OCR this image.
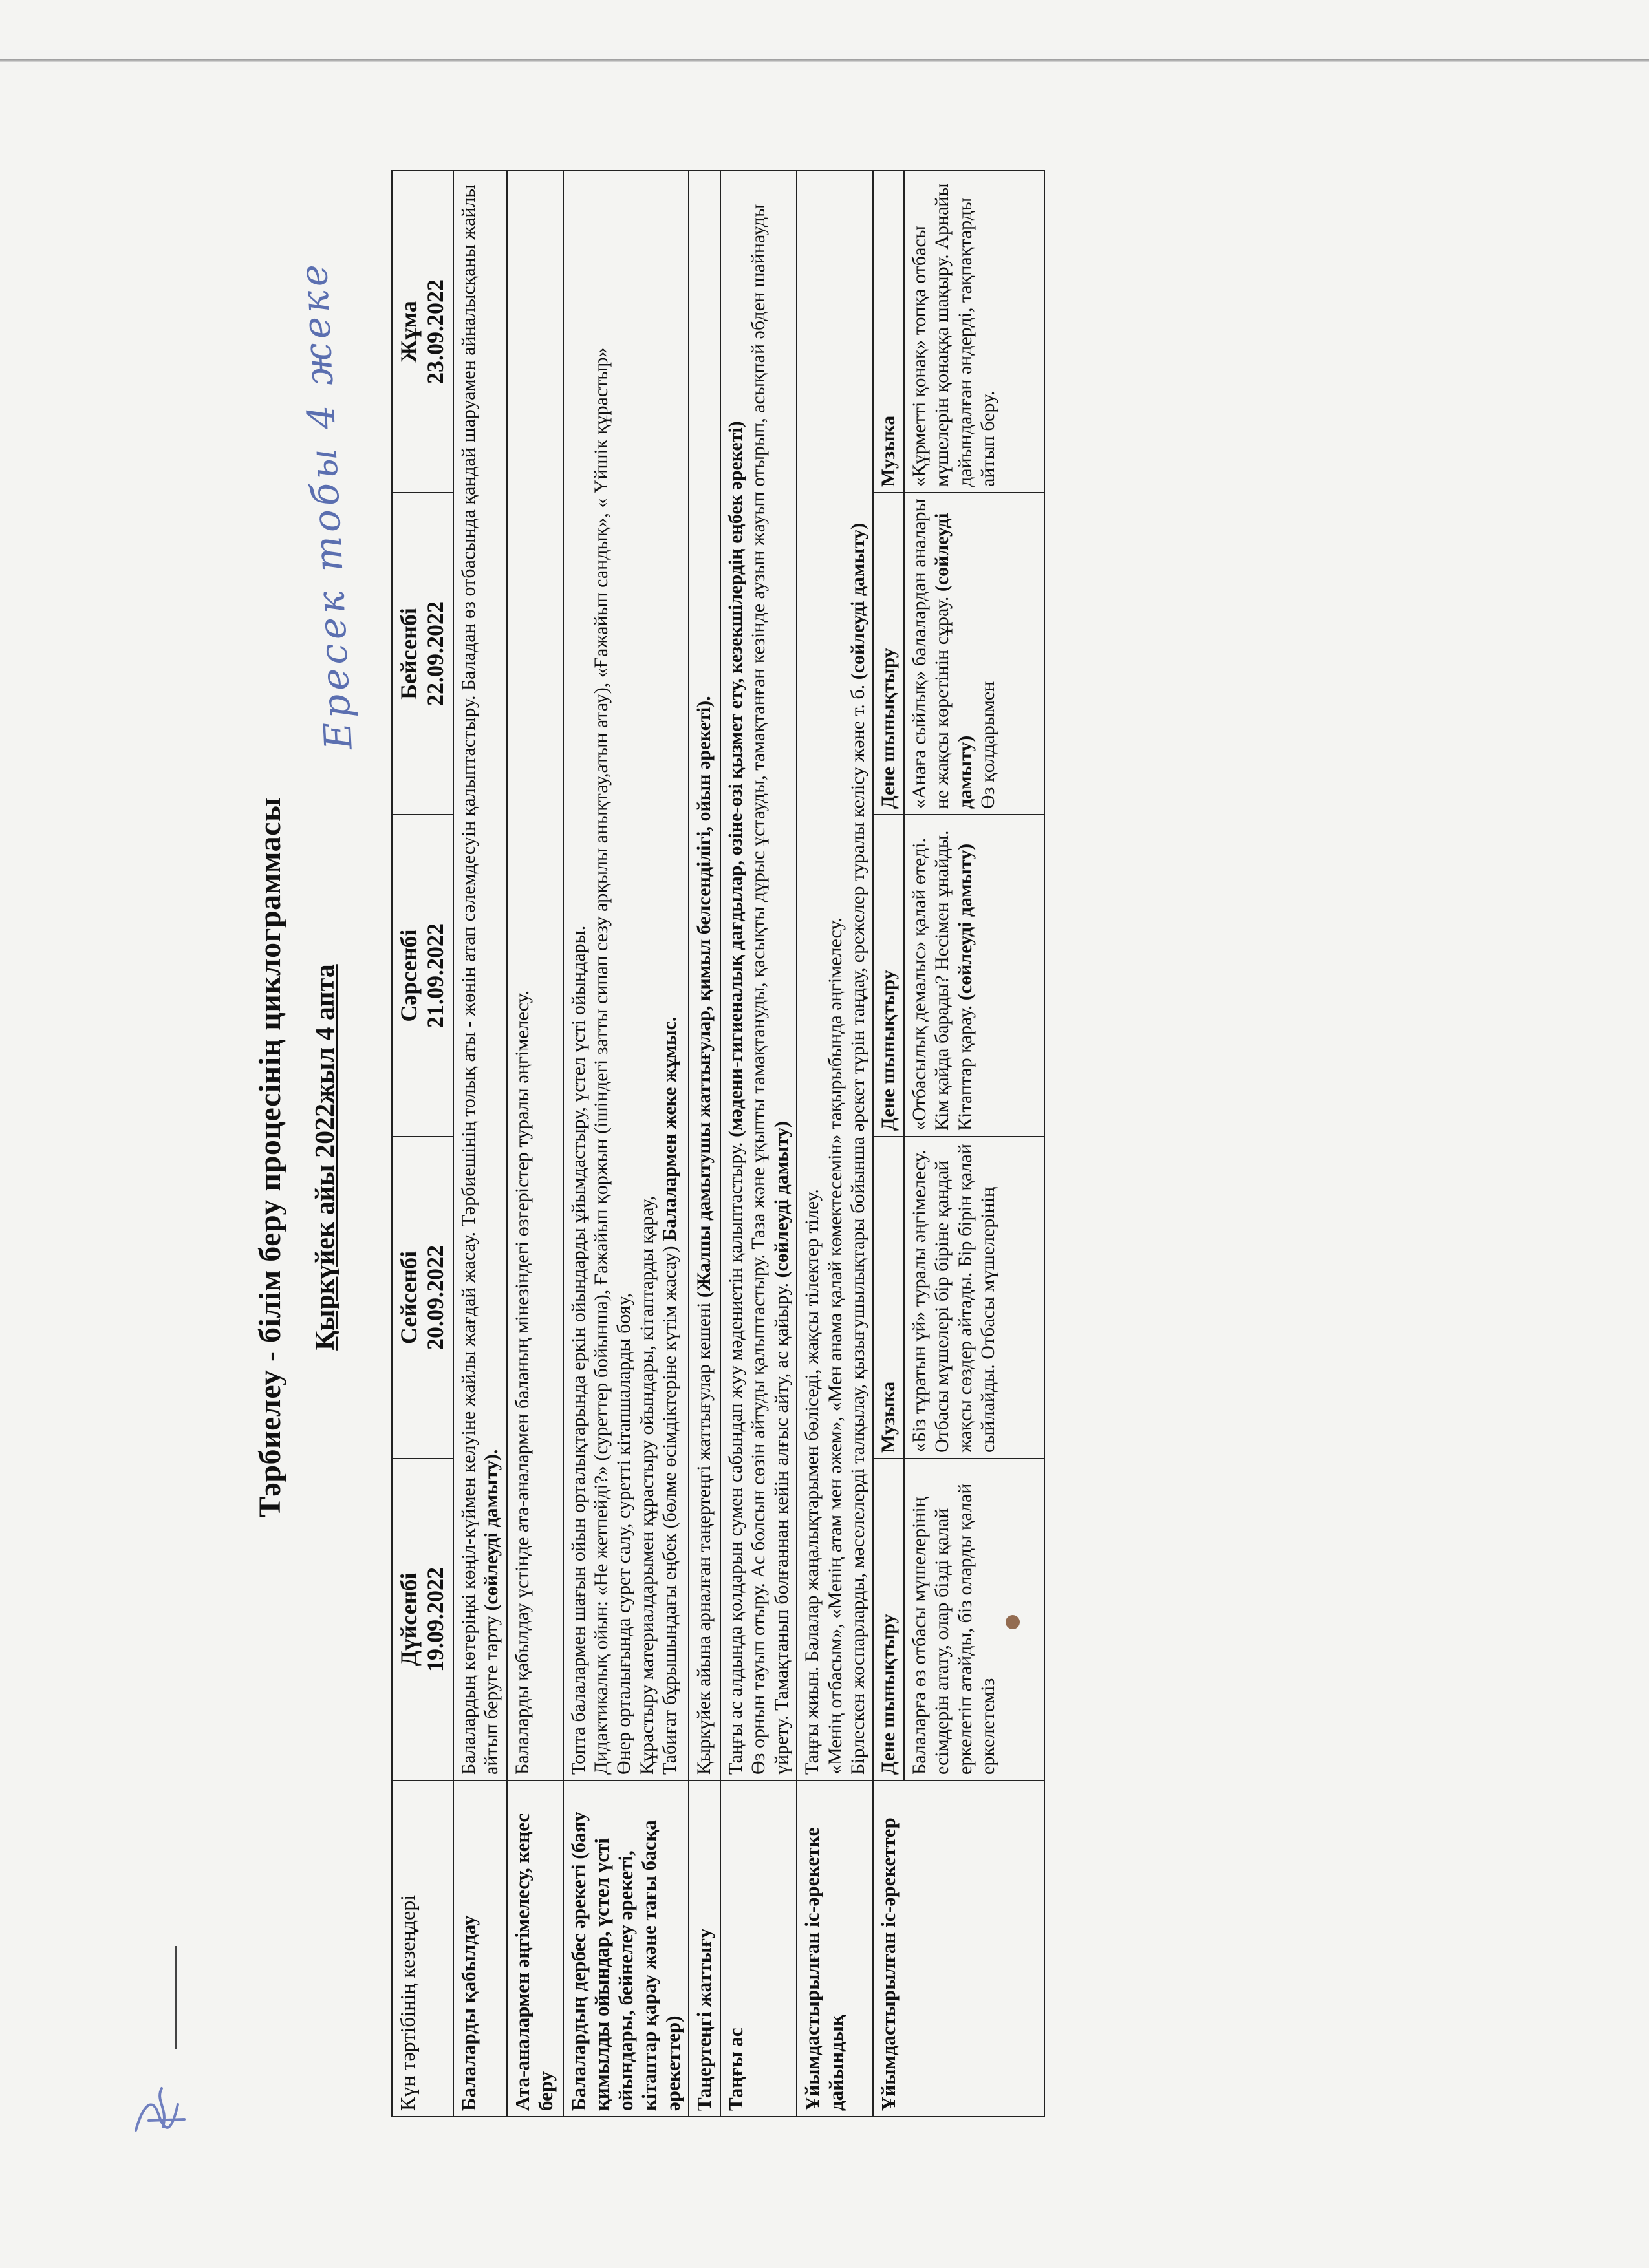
Тәрбиелеу - білім беру процесінің циклограммасы Қыркүйек айы 2022жыл 4 апта
Ересек тобы 4 жеке
Күн тәртібінің кезеңдері	Дүйсенбі 19.09.2022	Сейсенбі 20.09.2022	Сәрсенбі 21.09.2022	Бейсенбі 22.09.2022	Жұма 23.09.2022

Балаларды қабылдау	Балалардың көтеріңкі көңіл-күймен келуіне жайлы жағдай жасау. Тәрбиешінің толық аты - жөнін атап сәлемдесуін қалыптастыру. Баладан өз отбасында қандай шаруамен айналысқаны жайлы айтып беруге тарту (сөйлеуді дамыту).				
Ата-аналармен әңгімелесу, кеңес беру	Балаларды қабылдау үстінде ата-аналармен баланың мінезіндегі өзгерістер туралы әңгімелесу.				
Балалардың дербес әрекеті (баяу қимылды ойындар, үстел үсті ойындары, бейнелеу әрекеті, кітаптар қарау және тағы басқа әрекеттер)	Топта балалармен шағын ойын орталықтарында еркін ойындарды ұйымдастыру, үстел үсті ойындары. Дидактикалық ойын: «Не жетпейді?» (суреттер бойынша), Ғажайып қоржын (ішіндегі затты сипап сезу арқылы анықтау,атын атау), «Ғажайып сандық», « Үйшік құрастыр» Өнер орталығында сурет салу, суретті кітапшаларды бояу, Құрастыру материалдарымен құрастыру ойындары, кітаптарды қарау, Табиғат бұрышындағы еңбек (бөлме өсімдіктеріне күтім жасау) Балалармен жеке жұмыс.				

Таңертеңгі жаттығу	Қыркүйек айына арналған таңертеңгі жаттығулар кешені (Жалпы дамытушы жаттығулар, қимыл белсенділігі, ойын әрекеті).				
Таңғы ас	Таңғы ас алдында қолдарын сумен сабындап жуу мәдениетін қалыптастыру. (мәдени-гигиеналық дағдылар, өзіне-өзі қызмет ету, кезекшілердің еңбек әрекеті) Өз орнын тауып отыру. Ас болсын сөзін айтуды қалыптастыру. Таза және ұқыпты тамақтануды, қасықты дұрыс ұстауды, тамақтанған кезінде аузын жауып отырып, асықпай әбден шайнауды үйрету. Тамақтанып болғаннан кейін алғыс айту, ас қайыру. (сөйлеуді дамыту)				

Ұйымдастырылған іс-әрекетке дайындық	Таңғы жиын. Балалар жаңалықтарымен бөліседі, жақсы тілектер тілеу. «Менің отбасым», «Менің атам мен әжем», «Мен анама қалай көмектесемін» тақырыбында әңгімелесу. Бірлескен жоспарларды, мәселелерді талқылау, қызығушылықтары бойынша әрекет түрін таңдау, ережелер туралы келісу және т. б. (сөйлеуді дамыту)				

Ұйымдастырылған іс-әрекеттер	Дене шынықтыру	Музыка	Дене шынықтыру	Дене шынықтыру	Музыка

	Балаларға өз отбасы мүшелерінің есімдерін атату, олар бізді қалай еркелетіп атайды, біз оларды қалай еркелетеміз	«Біз тұратын үй» туралы әңгімелесу. Отбасы мүшелері бір біріне қандай жақсы сөздер айтады. Бір бірін қалай сыйлайды. Отбасы мүшелерінің	«Отбасылық демалыс» қалай өтеді. Кім қайда барады? Несімен ұнайды. Кітаптар қарау. (сөйлеуді дамыту)	«Анаға сыйлық» балалардан аналары не жақсы көретінін сұрау. (сөйлеуді дамыту) Өз қолдарымен	«Құрметті қонақ» топқа отбасы мүшелерін қонаққа шақыру. Арнайы дайындалған әндерді, тақпақтарды айтып беру.
